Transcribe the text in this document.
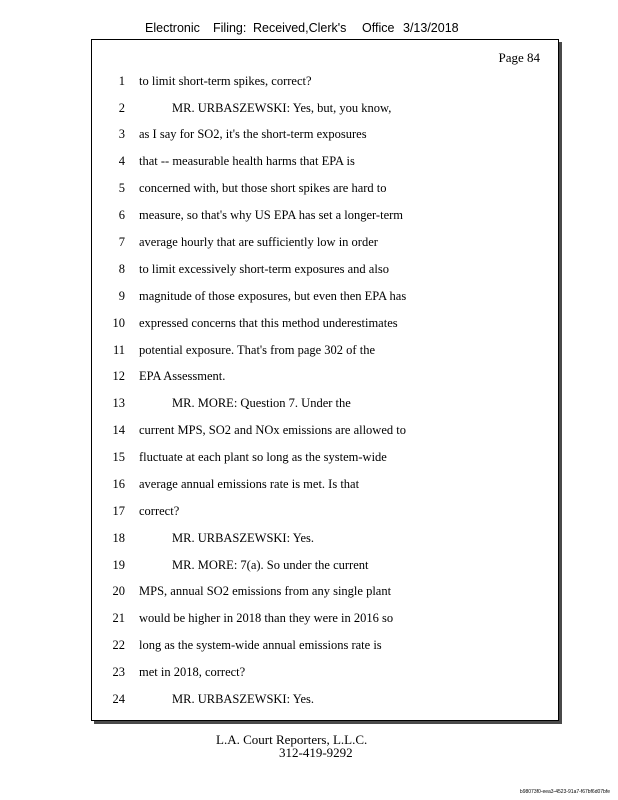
Electronic Filing: Received,Clerk's Office 3/13/2018
Page 84
1 to limit short-term spikes, correct?
2	MR. URBASZEWSKI: Yes, but, you know,
3 as I say for SO2, it's the short-term exposures
4 that -- measurable health harms that EPA is
5 concerned with, but those short spikes are hard to
6 measure, so that's why US EPA has set a longer-term
7 average hourly that are sufficiently low in order
8 to limit excessively short-term exposures and also
9 magnitude of those exposures, but even then EPA has
10 expressed concerns that this method underestimates
11 potential exposure. That's from page 302 of the
12 EPA Assessment.
13	MR. MORE: Question 7. Under the
14 current MPS, SO2 and NOx emissions are allowed to
15 fluctuate at each plant so long as the system-wide
16 average annual emissions rate is met. Is that
17 correct?
18	MR. URBASZEWSKI: Yes.
19	MR. MORE: 7(a). So under the current
20 MPS, annual SO2 emissions from any single plant
21 would be higher in 2018 than they were in 2016 so
22 long as the system-wide annual emissions rate is
23 met in 2018, correct?
24	MR. URBASZEWSKI: Yes.
L.A. Court Reporters, L.L.C.
312-419-9292
b98073f0-eea3-4523-91a7-f67bf6d07bfe
